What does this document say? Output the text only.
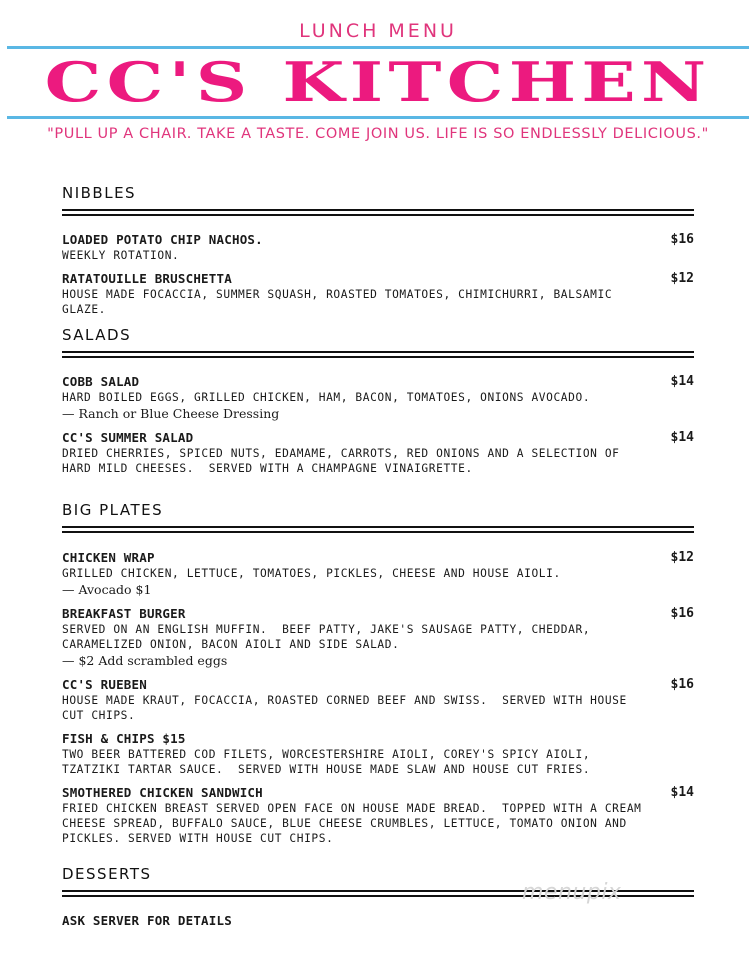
LUNCH MENU
CC'S KITCHEN
"PULL UP A CHAIR. TAKE A TASTE. COME JOIN US. LIFE IS SO ENDLESSLY DELICIOUS."
NIBBLES
LOADED POTATO CHIP NACHOS.
WEEKLY ROTATION.
$16
RATATOUILLE BRUSCHETTA
HOUSE MADE FOCACCIA, SUMMER SQUASH, ROASTED TOMATOES, CHIMICHURRI, BALSAMIC
GLAZE.
$12
SALADS
COBB SALAD
HARD BOILED EGGS, GRILLED CHICKEN, HAM, BACON, TOMATOES, ONIONS AVOCADO.
— Ranch or Blue Cheese Dressing
$14
CC'S SUMMER SALAD
DRIED CHERRIES, SPICED NUTS, EDAMAME, CARROTS, RED ONIONS AND A SELECTION OF
HARD MILD CHEESES.  SERVED WITH A CHAMPAGNE VINAIGRETTE.
$14
BIG PLATES
CHICKEN WRAP
GRILLED CHICKEN, LETTUCE, TOMATOES, PICKLES, CHEESE AND HOUSE AIOLI.
— Avocado $1
$12
BREAKFAST BURGER
SERVED ON AN ENGLISH MUFFIN.  BEEF PATTY, JAKE'S SAUSAGE PATTY, CHEDDAR,
CARAMELIZED ONION, BACON AIOLI AND SIDE SALAD.
— $2 Add scrambled eggs
$16
CC'S RUEBEN
HOUSE MADE KRAUT, FOCACCIA, ROASTED CORNED BEEF AND SWISS.  SERVED WITH HOUSE
CUT CHIPS.
$16
FISH & CHIPS $15
TWO BEER BATTERED COD FILETS, WORCESTERSHIRE AIOLI, COREY'S SPICY AIOLI,
TZATZIKI TARTAR SAUCE.  SERVED WITH HOUSE MADE SLAW AND HOUSE CUT FRIES.
SMOTHERED CHICKEN SANDWICH
FRIED CHICKEN BREAST SERVED OPEN FACE ON HOUSE MADE BREAD.  TOPPED WITH A CREAM
CHEESE SPREAD, BUFFALO SAUCE, BLUE CHEESE CRUMBLES, LETTUCE, TOMATO ONION AND
PICKLES. SERVED WITH HOUSE CUT CHIPS.
$14
DESSERTS
ASK SERVER FOR DETAILS
menupix
